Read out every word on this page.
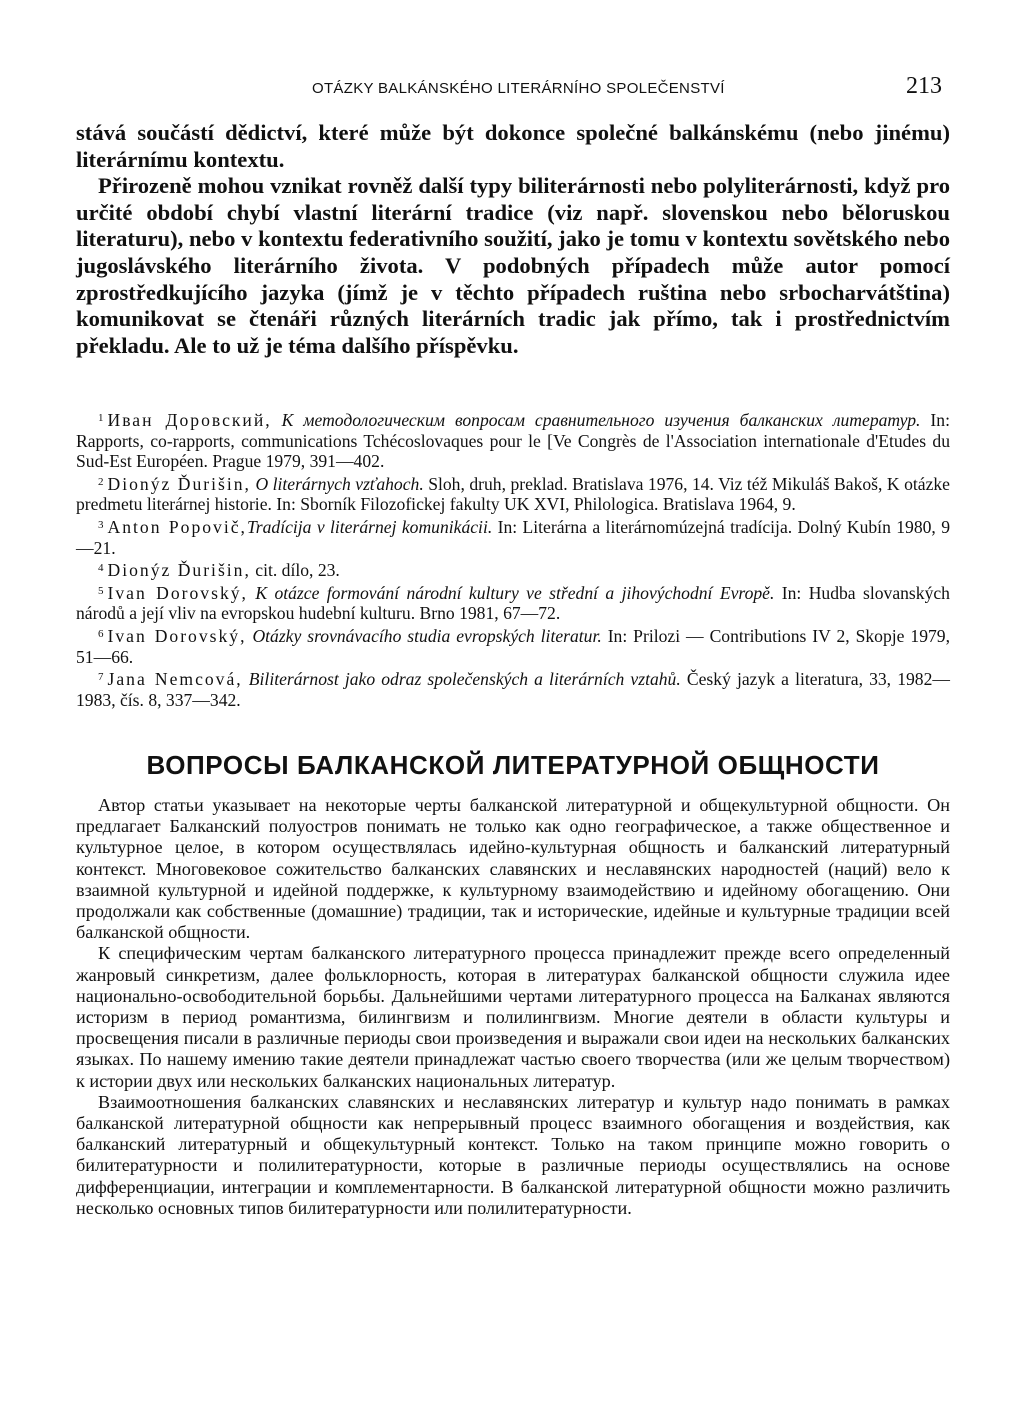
OTÁZKY BALKÁNSKÉHO LITERÁRNÍHO SPOLEČENSTVÍ	213

stává součástí dědictví, které může být dokonce společné balkánskému (nebo jinému) literárnímu kontextu.

Přirozeně mohou vznikat rovněž další typy biliterárnosti nebo polyliterárnosti, když pro určité období chybí vlastní literární tradice (viz např. slovenskou nebo běloruskou literaturu), nebo v kontextu federativního soužití, jako je tomu v kontextu sovětského nebo jugoslávského literárního života. V podobných případech může autor pomocí zprostředkujícího jazyka (jímž je v těchto případech ruština nebo srbocharvátština) komunikovat se čtenáři různých literárních tradic jak přímo, tak i prostřednictvím překladu. Ale to už je téma dalšího příspěvku.

$^1$ Иван Доровский, К методологическим вопросам сравнительного изучения балканских литератур. In: Rapports, co-rapports, communications Tchécoslovaques pour le [Ve Congrès de l'Association internationale d'Etudes du Sud-Est Européen. Prague 1979, 391—402.

$^2$ Dionýz Ďurišin, O literárnych vzťahoch. Sloh, druh, preklad. Bratislava 1976, 14. Viz též Mikuláš Bakoš, K otázke predmetu literárnej historie. In: Sborník Filozofickej fakulty UK XVI, Philologica. Bratislava 1964, 9.

$^3$ Anton Popovič,Tradícija v literárnej komunikácii. In: Literárna a literárnomúzejná tradícija. Dolný Kubín 1980, 9—21.

$^4$ Dionýz Ďurišin, cit. dílo, 23.

$^5$ Ivan Dorovský, K otázce formování národní kultury ve střední a jihovýchodní Evropě. In: Hudba slovanských národů a její vliv na evropskou hudební kulturu. Brno 1981, 67—72.

$^6$ Ivan Dorovský, Otázky srovnávacího studia evropských literatur. In: Prilozi — Contributions IV 2, Skopje 1979, 51—66.

$^7$ Jana Nemcová, Biliterárnost jako odraz společenských a literárních vztahů. Český jazyk a literatura, 33, 1982—1983, čís. 8, 337—342.

ВОПРОСЫ БАЛКАНСКОЙ ЛИТЕРАТУРНОЙ ОБЩНОСТИ

Автор статьи указывает на некоторые черты балканской литературной и общекультурной общности. Он предлагает Балканский полуостров понимать не только как одно географическое, а также общественное и культурное целое, в котором осуществлялась идейно-культурная общность и балканский литературный контекст. Многовековое сожительство балканских славянских и неславянских народностей (наций) вело к взаимной культурной и идейной поддержке, к культурному взаимодействию и идейному обогащению. Они продолжали как собственные (домашние) традиции, так и исторические, идейные и культурные традиции всей балканской общности.

К специфическим чертам балканского литературного процесса принадлежит прежде всего определенный жанровый синкретизм, далее фольклорность, которая в литературах балканской общности служила идее национально-освободительной борьбы. Дальнейшими чертами литературного процесса на Балканах являются историзм в период романтизма, билингвизм и полилингвизм. Многие деятели в области культуры и просвещения писали в различные периоды свои произведения и выражали свои идеи на нескольких балканских языках. По нашему имению такие деятели принадлежат частью своего творчества (или же целым творчеством) к истории двух или нескольких балканских национальных литератур.

Взаимоотношения балканских славянских и неславянских литератур и культур надо понимать в рамках балканской литературной общности как непрерывный процесс взаимного обогащения и воздействия, как балканский литературный и общекультурный контекст. Только на таком принципе можно говорить о билитературности и полилитературности, которые в различные периоды осуществлялись на основе дифференциации, интеграции и комплементарности. В балканской литературной общности можно различить несколько основных типов билитературности или полилитературности.
